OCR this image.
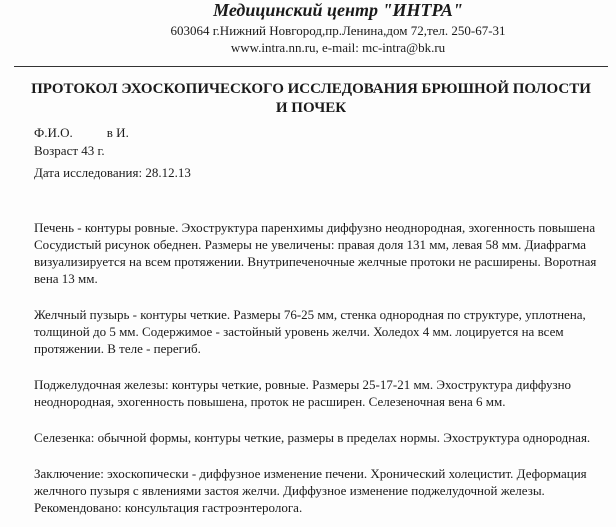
Медицинский центр "ИНТРА"
603064 г.Нижний Новгород,пр.Ленина,дом 72,тел. 250-67-31
www.intra.nn.ru, e-mail: mc-intra@bk.ru
ПРОТОКОЛ ЭХОСКОПИЧЕСКОГО ИССЛЕДОВАНИЯ БРЮШНОЙ ПОЛОСТИ
И ПОЧЕК
Ф.И.О.	в И.
Возраст 43 г.
Дата исследования: 28.12.13

Печень - контуры ровные. Эхоструктура паренхимы диффузно неоднородная, эхогенность повышена

Сосудистый рисунок обеднен. Размеры не увеличены: правая доля 131 мм, левая 58 мм. Диафрагма

визуализируется на всем протяжении. Внутрипеченочные желчные протоки не расширены. Воротная

вена 13 мм.

Желчный пузырь - контуры четкие. Размеры 76-25 мм, стенка однородная по структуре, уплотнена,

толщиной до 5 мм. Содержимое - застойный уровень желчи. Холедох 4 мм. лоцируется на всем

протяжении. В теле - перегиб.

Поджелудочная железы: контуры четкие, ровные. Размеры 25-17-21 мм. Эхоструктура диффузно

неоднородная, эхогенность повышена, проток не расширен. Селезеночная вена 6 мм.

Селезенка: обычной формы, контуры четкие, размеры в пределах нормы. Эхоструктура однородная.

Заключение: эхоскопически - диффузное изменение печени. Хронический холецистит. Деформация

желчного пузыря с явлениями застоя желчи. Диффузное изменение поджелудочной железы.

Рекомендовано: консультация гастроэнтеролога.
